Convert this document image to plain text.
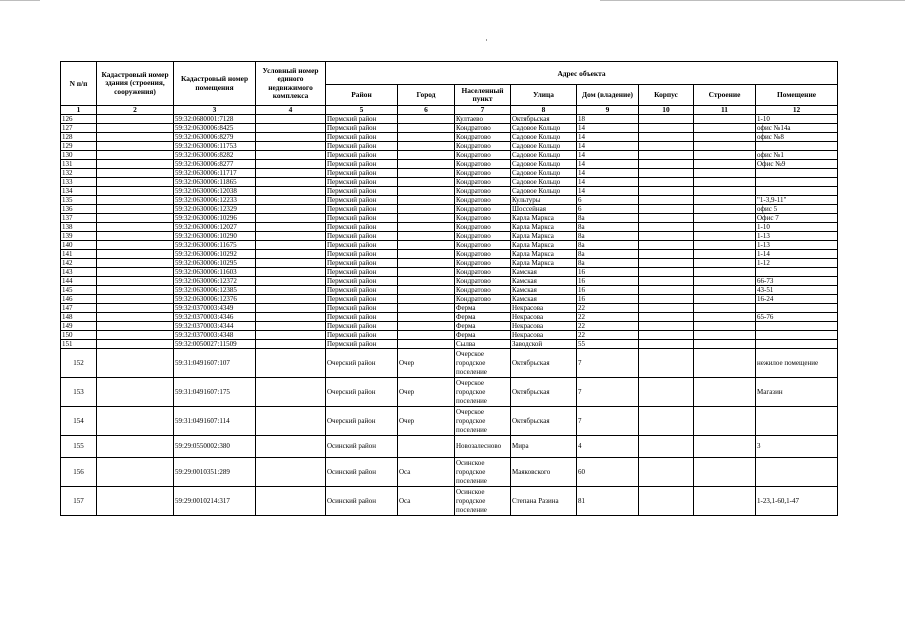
N п/п	Кадастровый номер здания (строения, сооружения)	Кадастровый номер помещения	Условный номер единого недвижимого комплекса	Адрес объекта							
				Район	Город	Населенный пункт	Улица	Дом (владение)	Корпус	Строение	Помещение
1	2	3	4	5	6	7	8	9	10	11	12
126		59:32:0680001:7128		Пермский район		Култаево	Октябрьская	18			1-10
127		59:32:0630006:8425		Пермский район		Кондратово	Садовое Кольцо	14			офис №14а
128		59:32:0630006:8279		Пермский район		Кондратово	Садовое Кольцо	14			офис №8
129		59:32:0630006:11753		Пермский район		Кондратово	Садовое Кольцо	14			
130		59:32:0630006:8282		Пермский район		Кондратово	Садовое Кольцо	14			офис №1
131		59:32:0630006:8277		Пермский район		Кондратово	Садовое Кольцо	14			Офис №9
132		59:32:0630006:11717		Пермский район		Кондратово	Садовое Кольцо	14			
133		59:32:0630006:11865		Пермский район		Кондратово	Садовое Кольцо	14			
134		59:32:0630006:12038		Пермский район		Кондратово	Садовое Кольцо	14			
135		59:32:0630006:12233		Пермский район		Кондратово	Культуры	6			"1-3,9-11"
136		59:32:0630006:12329		Пермский район		Кондратово	Шоссейная	6			офис 5
137		59:32:0630006:10296		Пермский район		Кондратово	Карла Маркса	8а			Офис 7
138		59:32:0630006:12027		Пермский район		Кондратово	Карла Маркса	8а			1-10
139		59:32:0630006:10290		Пермский район		Кондратово	Карла Маркса	8а			1-13
140		59:32:0630006:11675		Пермский район		Кондратово	Карла Маркса	8а			1-13
141		59:32:0630006:10292		Пермский район		Кондратово	Карла Маркса	8а			1-14
142		59:32:0630006:10295		Пермский район		Кондратово	Карла Маркса	8а			1-12
143		59:32:0630006:11603		Пермский район		Кондратово	Камская	16			
144		59:32:0630006:12372		Пермский район		Кондратово	Камская	16			66-73
145		59:32:0630006:12385		Пермский район		Кондратово	Камская	16			43-51
146		59:32:0630006:12376		Пермский район		Кондратово	Камская	16			16-24
147		59:32:0370003:4349		Пермский район		Ферма	Некрасова	22			
148		59:32:0370003:4346		Пермский район		Ферма	Некрасова	22			65-76
149		59:32:0370003:4344		Пермский район		Ферма	Некрасова	22			
150		59:32:0370003:4348		Пермский район		Ферма	Некрасова	22			
151		59:32:0050027:11509		Пермский район		Сылва	Заводской	55			
152		59:31:0491607:107		Очерский район	Очер	Очерское
городское
поселение	Октябрьская	7			нежилое помещение
153		59:31:0491607:175		Очерский район	Очер	Очерское
городское
поселение	Октябрьская	7			Магазин
154		59:31:0491607:114		Очерский район	Очер	Очерское
городское
поселение	Октябрьская	7			
155		59:29:0550002:380		Осинский район		Новозалесново	Мира	4			3
156		59:29:0010351:289		Осинский район	Оса	Осинское
городское
поселение	Маяковского	60			
157		59:29:0010214:317		Осинский район	Оса	Осинское
городское
поселение	Степана Разина	81			1-23,1-60,1-47
